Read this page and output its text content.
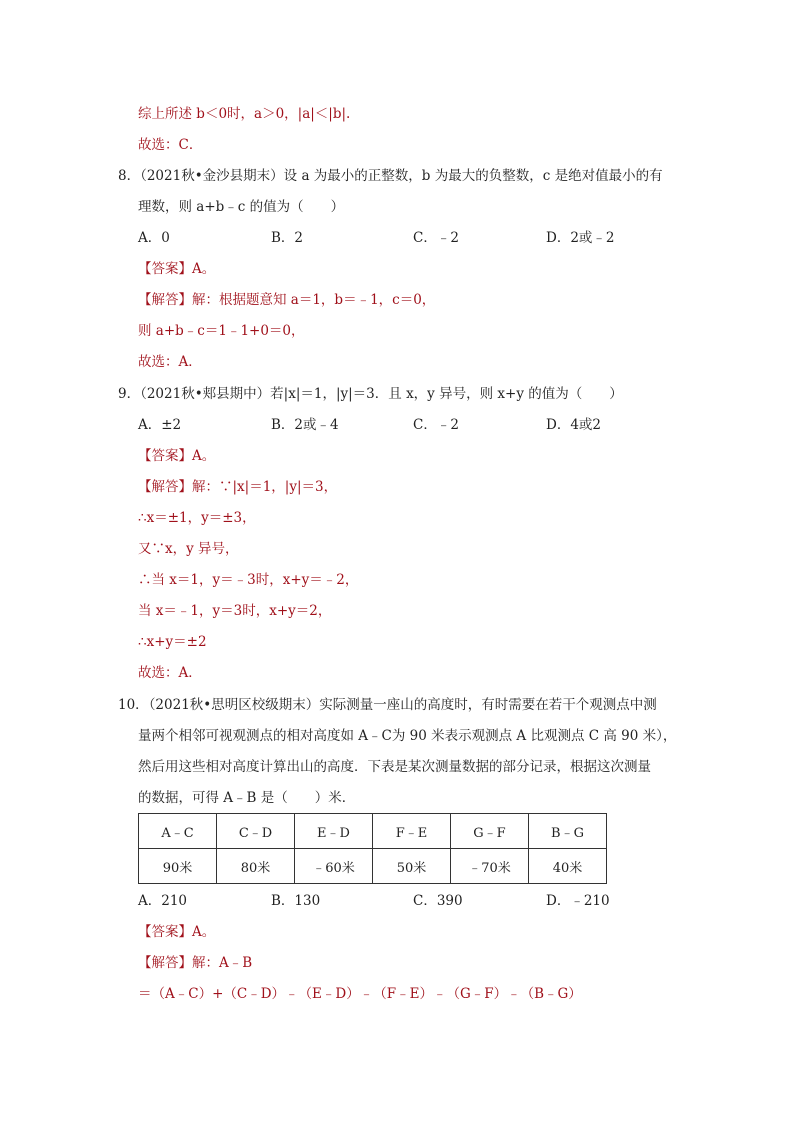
综上所述 b＜0时，a＞0，|a|＜|b|.
故选：C．
8．（2021秋•金沙县期末）设 a 为最小的正整数，b 为最大的负整数，c 是绝对值最小的有
理数，则 a+b﹣c 的值为（　　）
A．0	B．2	C．﹣2	D．2或﹣2
【答案】A。
【解答】解：根据题意知 a＝1，b＝﹣1，c＝0，
则 a+b﹣c＝1﹣1+0＝0，
故选：A．
9．（2021秋•郏县期中）若|x|＝1，|y|＝3．且 x，y 异号，则 x+y 的值为（　　）
A．±2	B．2或﹣4	C．﹣2	D．4或2
【答案】A。
【解答】解：∵|x|＝1，|y|＝3，
∴x＝±1，y＝±3，
又∵x，y 异号，
∴当 x＝1，y＝﹣3时，x+y＝﹣2，
当 x＝﹣1，y＝3时，x+y＝2，
∴x+y＝±2
故选：A．
10．（2021秋•思明区校级期末）实际测量一座山的高度时，有时需要在若干个观测点中测
量两个相邻可视观测点的相对高度如 A﹣C为 90 米表示观测点 A 比观测点 C 高 90 米），
然后用这些相对高度计算出山的高度．下表是某次测量数据的部分记录，根据这次测量
的数据，可得 A﹣B 是（　　）米．
A﹣C	C﹣D	E﹣D	F﹣E	G﹣F	B﹣G
90米	80米	﹣60米	50米	﹣70米	40米
A．210	B．130	C．390	D．﹣210
【答案】A。
【解答】解：A﹣B
＝（A﹣C）+（C﹣D）﹣（E﹣D）﹣（F﹣E）﹣（G﹣F）﹣（B﹣G）
